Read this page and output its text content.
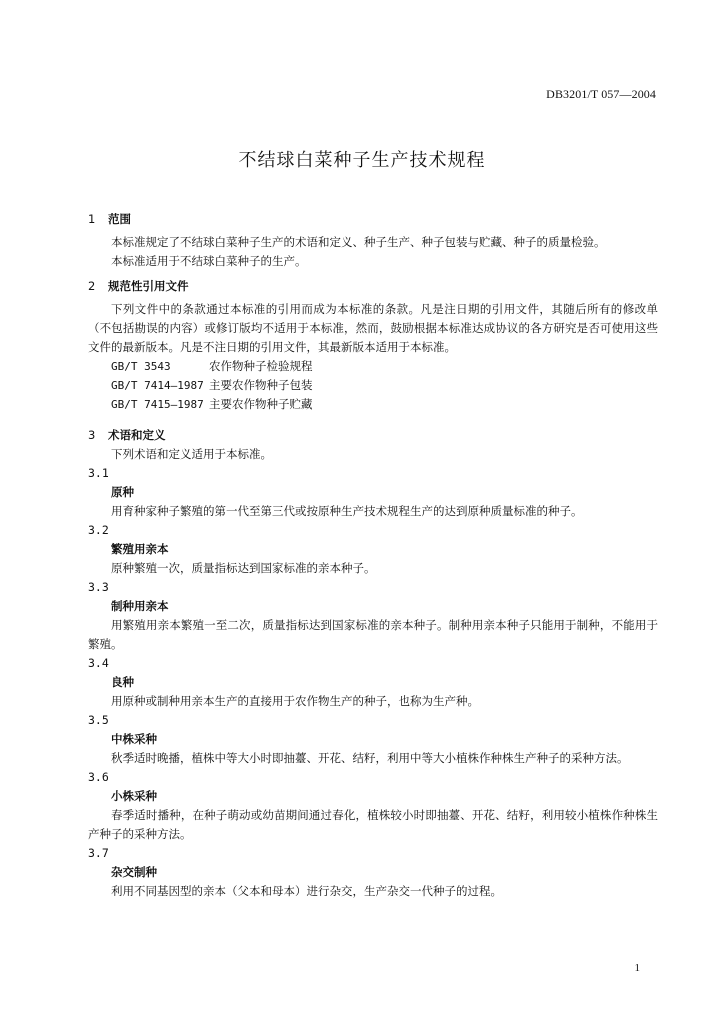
DB3201/T 057—2004
不结球白菜种子生产技术规程
1 范围
本标准规定了不结球白菜种子生产的术语和定义、种子生产、种子包装与贮藏、种子的质量检验。
本标准适用于不结球白菜种子的生产。
2 规范性引用文件
下列文件中的条款通过本标准的引用而成为本标准的条款。凡是注日期的引用文件，其随后所有的修改单（不包括勘误的内容）或修订版均不适用于本标准，然而，鼓励根据本标准达成协议的各方研究是否可使用这些文件的最新版本。凡是不注日期的引用文件，其最新版本适用于本标准。
GB/T 3543	农作物种子检验规程
GB/T 7414—1987 主要农作物种子包装
GB/T 7415—1987 主要农作物种子贮藏
3 术语和定义
下列术语和定义适用于本标准。
3.1
原种
用育种家种子繁殖的第一代至第三代或按原种生产技术规程生产的达到原种质量标准的种子。
3.2
繁殖用亲本
原种繁殖一次，质量指标达到国家标准的亲本种子。
3.3
制种用亲本
用繁殖用亲本繁殖一至二次，质量指标达到国家标准的亲本种子。制种用亲本种子只能用于制种，不能用于繁殖。
3.4
良种
用原种或制种用亲本生产的直接用于农作物生产的种子，也称为生产种。
3.5
中株采种
秋季适时晚播，植株中等大小时即抽薹、开花、结籽，利用中等大小植株作种株生产种子的采种方法。
3.6
小株采种
春季适时播种，在种子萌动或幼苗期间通过春化，植株较小时即抽薹、开花、结籽，利用较小植株作种株生产种子的采种方法。
3.7
杂交制种
利用不同基因型的亲本（父本和母本）进行杂交，生产杂交一代种子的过程。
1
